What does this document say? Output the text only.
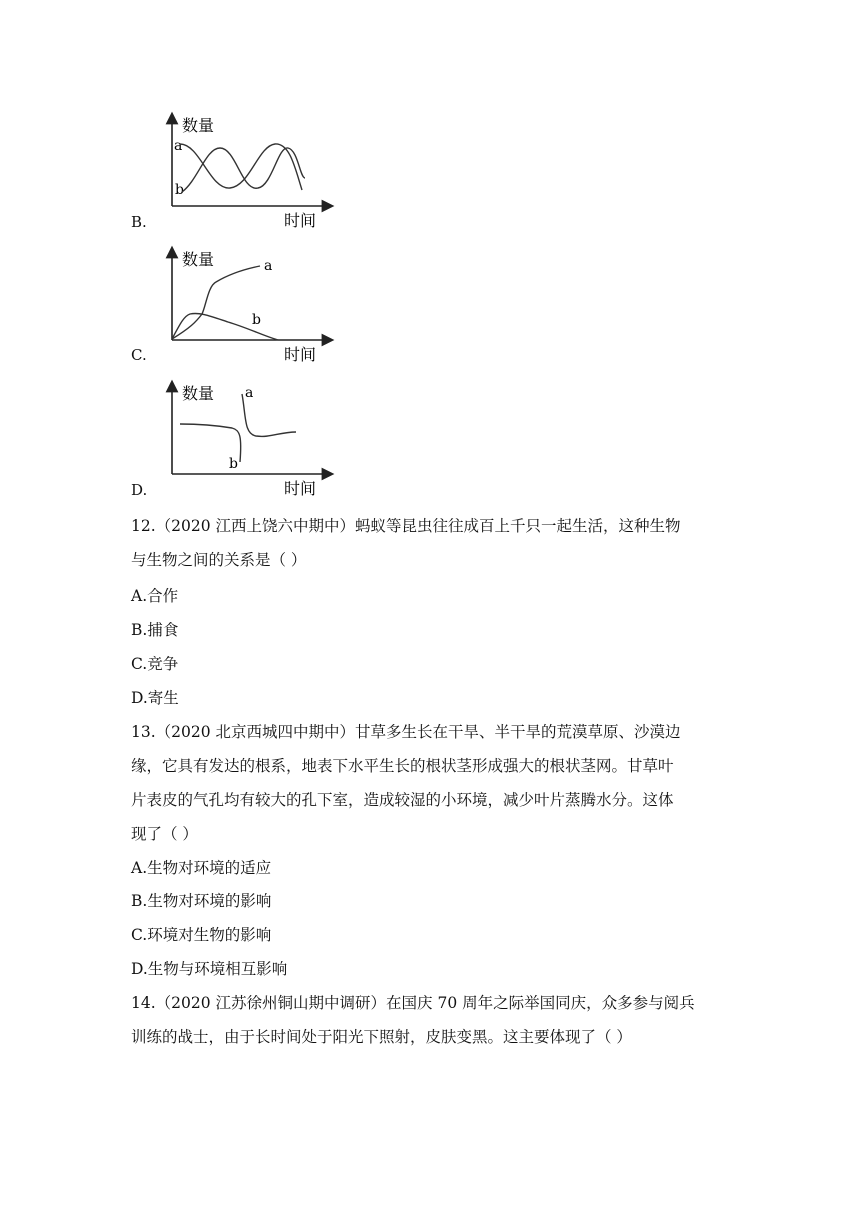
数量
时间
a
b
B.
数量
时间
a
b
C.
数量
时间
a
b
D.
12.（2020 江西上饶六中期中）蚂蚁等昆虫往往成百上千只一起生活，这种生物
与生物之间的关系是（ ）
A.合作
B.捕食
C.竞争
D.寄生
13.（2020 北京西城四中期中）甘草多生长在干旱、半干旱的荒漠草原、沙漠边
缘，它具有发达的根系，地表下水平生长的根状茎形成强大的根状茎网。甘草叶
片表皮的气孔均有较大的孔下室，造成较湿的小环境，减少叶片蒸腾水分。这体
现了（ ）
A.生物对环境的适应
B.生物对环境的影响
C.环境对生物的影响
D.生物与环境相互影响
14.（2020 江苏徐州铜山期中调研）在国庆 70 周年之际举国同庆，众多参与阅兵
训练的战士，由于长时间处于阳光下照射，皮肤变黑。这主要体现了（ ）
